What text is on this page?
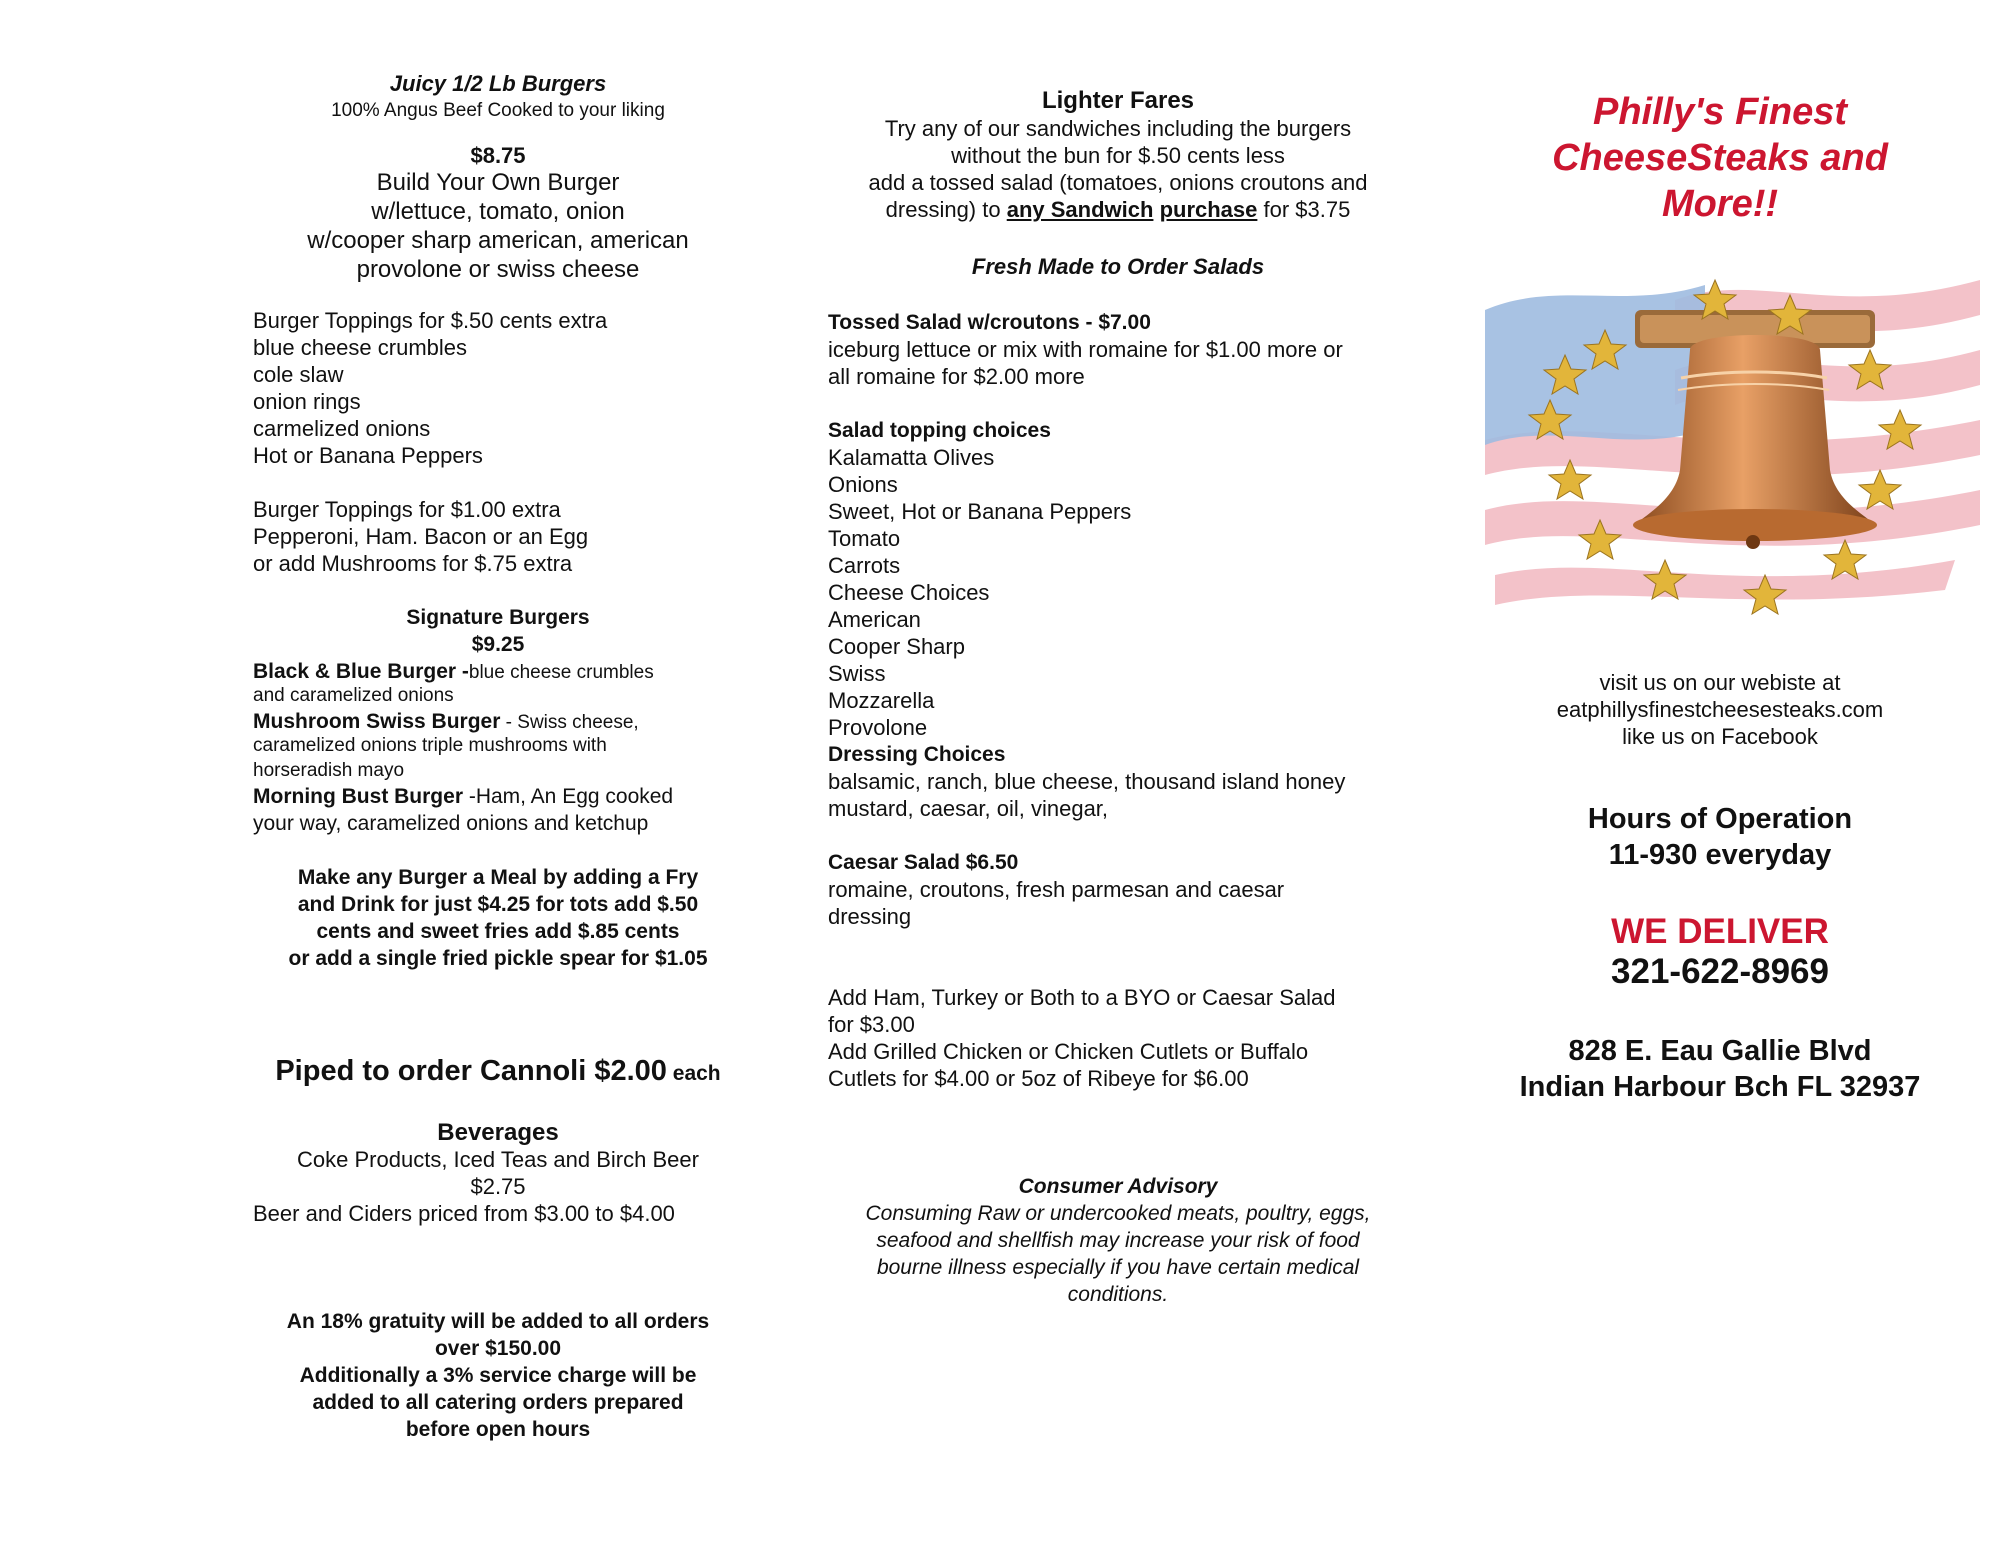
Juicy 1/2 Lb Burgers
100% Angus Beef Cooked to your liking
$8.75
Build Your Own Burger
w/lettuce, tomato, onion
w/cooper sharp american, american
provolone or swiss cheese
Burger Toppings for $.50 cents extra
blue cheese crumbles
cole slaw
onion rings
carmelized onions
Hot or Banana Peppers
Burger Toppings for $1.00 extra
Pepperoni, Ham. Bacon or an Egg
or add Mushrooms for $.75 extra
Signature Burgers
$9.25
Black & Blue Burger -blue cheese crumbles
and caramelized onions
Mushroom Swiss Burger - Swiss cheese,
caramelized onions triple mushrooms with
horseradish mayo
Morning Bust Burger -Ham, An Egg cooked
your way, caramelized onions and ketchup
Make any Burger a Meal by adding a Fry
and Drink for just $4.25 for tots add $.50
cents and sweet fries add $.85 cents
or add a single fried pickle spear for $1.05
Piped to order Cannoli $2.00 each
Beverages
Coke Products, Iced Teas and Birch Beer
$2.75
Beer and Ciders priced from $3.00 to $4.00
An 18% gratuity will be added to all orders
over $150.00
Additionally a 3% service charge will be
added to all catering orders prepared
before open hours
Lighter Fares
Try any of our sandwiches including the burgers
without the bun for $.50 cents less
add a tossed salad (tomatoes, onions croutons and
dressing) to any Sandwich purchase for $3.75
Fresh Made to Order Salads
Tossed Salad w/croutons - $7.00
iceburg lettuce or mix with romaine for $1.00 more or
all romaine for $2.00 more
Salad topping choices
Kalamatta Olives
Onions
Sweet, Hot or Banana Peppers
Tomato
Carrots
Cheese Choices
American
Cooper Sharp
Swiss
Mozzarella
Provolone
Dressing Choices
balsamic, ranch, blue cheese, thousand island honey
mustard, caesar, oil, vinegar,
Caesar Salad $6.50
romaine, croutons, fresh parmesan and caesar
dressing
Add Ham, Turkey or Both to a BYO or Caesar Salad
for $3.00
Add Grilled Chicken or Chicken Cutlets or Buffalo
Cutlets for $4.00 or 5oz of Ribeye for $6.00
Consumer Advisory
Consuming Raw or undercooked meats, poultry, eggs,
seafood and shellfish may increase your risk of food
bourne illness especially if you have certain medical
conditions.
Philly's Finest
CheeseSteaks and
More!!
visit us on our webiste at
eatphillysfinestcheesesteaks.com
like us on Facebook
Hours of Operation
11-930 everyday
WE DELIVER
321-622-8969
828 E. Eau Gallie Blvd
Indian Harbour Bch FL 32937
